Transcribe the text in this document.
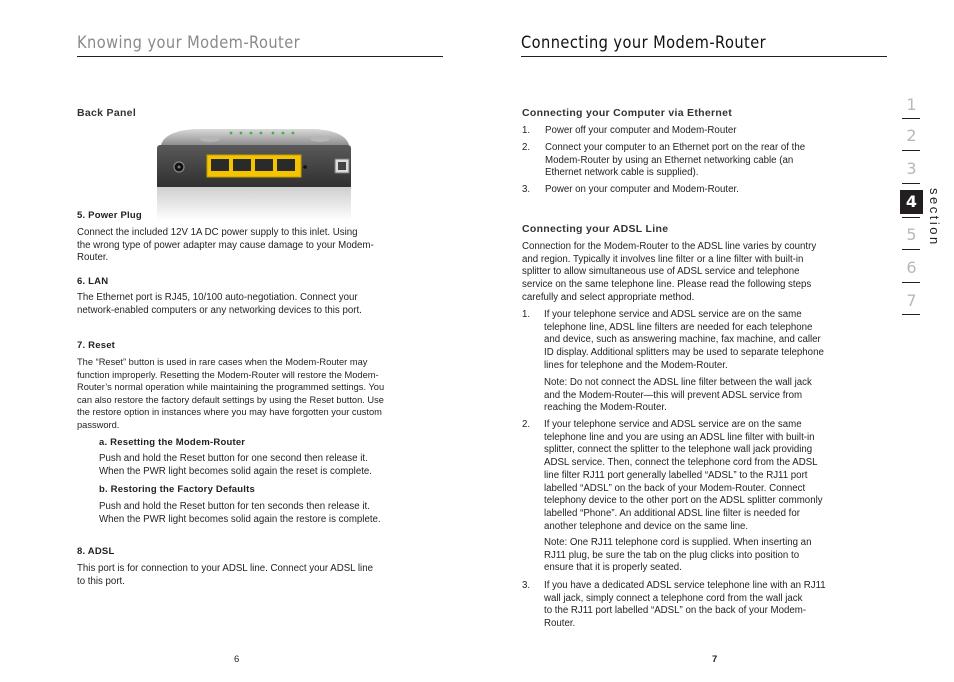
Knowing your Modem-Router
Back Panel
5. Power Plug
Connect the included 12V 1A DC power supply to this inlet. Using
the wrong type of power adapter may cause damage to your Modem-
Router.
6. LAN
The Ethernet port is RJ45, 10/100 auto-negotiation. Connect your
network-enabled computers or any networking devices to this port.
7. Reset
The “Reset” button is used in rare cases when the Modem-Router may
function improperly. Resetting the Modem-Router will restore the Modem-
Router’s normal operation while maintaining the programmed settings. You
can also restore the factory default settings by using the Reset button. Use
the restore option in instances where you may have forgotten your custom
password.
a. Resetting the Modem-Router
Push and hold the Reset button for one second then release it.
When the PWR light becomes solid again the reset is complete.
b. Restoring the Factory Defaults
Push and hold the Reset button for ten seconds then release it.
When the PWR light becomes solid again the restore is complete.
8. ADSL
This port is for connection to your ADSL line. Connect your ADSL line
to this port.
6
Connecting your Modem-Router
Connecting your Computer via Ethernet
1. Power off your computer and Modem-Router
2. Connect your computer to an Ethernet port on the rear of the
Modem-Router by using an Ethernet networking cable (an
Ethernet network cable is supplied).
3. Power on your computer and Modem-Router.
Connecting your ADSL Line
Connection for the Modem-Router to the ADSL line varies by country
and region. Typically it involves line filter or a line filter with built-in
splitter to allow simultaneous use of ADSL service and telephone
service on the same telephone line. Please read the following steps
carefully and select appropriate method.
1. If your telephone service and ADSL service are on the same
telephone line, ADSL line filters are needed for each telephone
and device, such as answering machine, fax machine, and caller
ID display. Additional splitters may be used to separate telephone
lines for telephone and the Modem-Router.
Note: Do not connect the ADSL line filter between the wall jack
and the Modem-Router—this will prevent ADSL service from
reaching the Modem-Router.
2. If your telephone service and ADSL service are on the same
telephone line and you are using an ADSL line filter with built-in
splitter, connect the splitter to the telephone wall jack providing
ADSL service. Then, connect the telephone cord from the ADSL
line filter RJ11 port generally labelled “ADSL” to the RJ11 port
labelled “ADSL” on the back of your Modem-Router. Connect
telephony device to the other port on the ADSL splitter commonly
labelled “Phone”. An additional ADSL line filter is needed for
another telephone and device on the same line.
Note: One RJ11 telephone cord is supplied. When inserting an
RJ11 plug, be sure the tab on the plug clicks into position to
ensure that it is properly seated.
3. If you have a dedicated ADSL service telephone line with an RJ11
wall jack, simply connect a telephone cord from the wall jack
to the RJ11 port labelled “ADSL” on the back of your Modem-
Router.
7
1
2
3
4
5
6
7
section
